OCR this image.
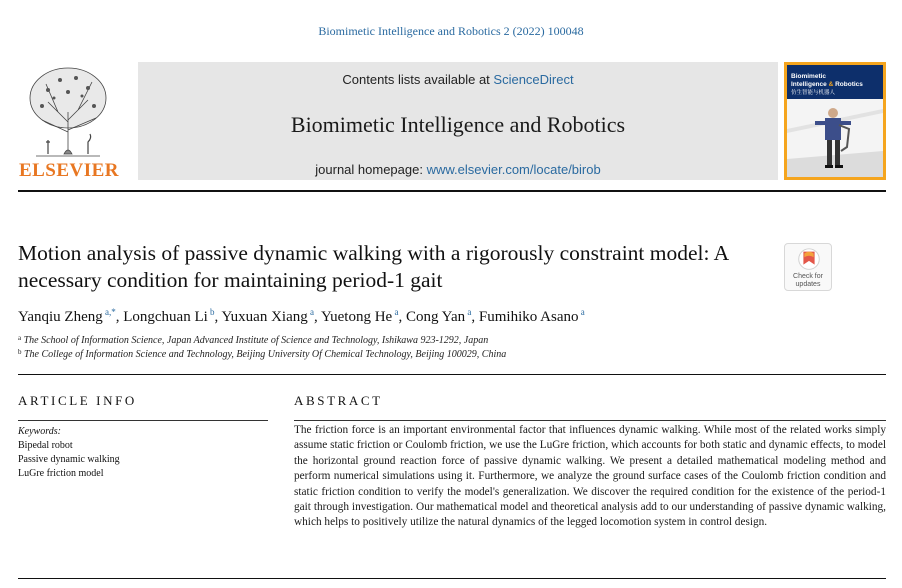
Biomimetic Intelligence and Robotics 2 (2022) 100048
ELSEVIER
Contents lists available at ScienceDirect
Biomimetic Intelligence and Robotics
journal homepage: www.elsevier.com/locate/birob
Biomimetic
Intelligence & Robotics
仿生智能与机器人
Motion analysis of passive dynamic walking with a rigorously constraint model: A necessary condition for maintaining period-1 gait	Check for
updates
Yanqiu Zheng $^{a,*}$, Longchuan Li $^b$, Yuxuan Xiang $^a$, Yuetong He $^a$, Cong Yan $^a$, Fumihiko Asano $^a$
$^a$ The School of Information Science, Japan Advanced Institute of Science and Technology, Ishikawa 923-1292, Japan
$^b$ The College of Information Science and Technology, Beijing University Of Chemical Technology, Beijing 100029, China
ARTICLE INFO	ABSTRACT
Keywords:
Bipedal robot
Passive dynamic walking
LuGre friction model
The friction force is an important environmental factor that influences dynamic walking. While most of the related works simply assume static friction or Coulomb friction, we use the LuGre friction, which accounts for both static and dynamic effects, to model the horizontal ground reaction force of passive dynamic walking. We present a detailed mathematical modeling method and perform numerical simulations using it. Furthermore, we analyze the ground surface cases of the Coulomb friction condition and static friction condition to verify the model's generalization. We discover the required condition for the existence of the period-1 gait through investigation. Our mathematical model and theoretical analysis add to our understanding of passive dynamic walking, which helps to positively utilize the natural dynamics of the legged locomotion system in control design.
